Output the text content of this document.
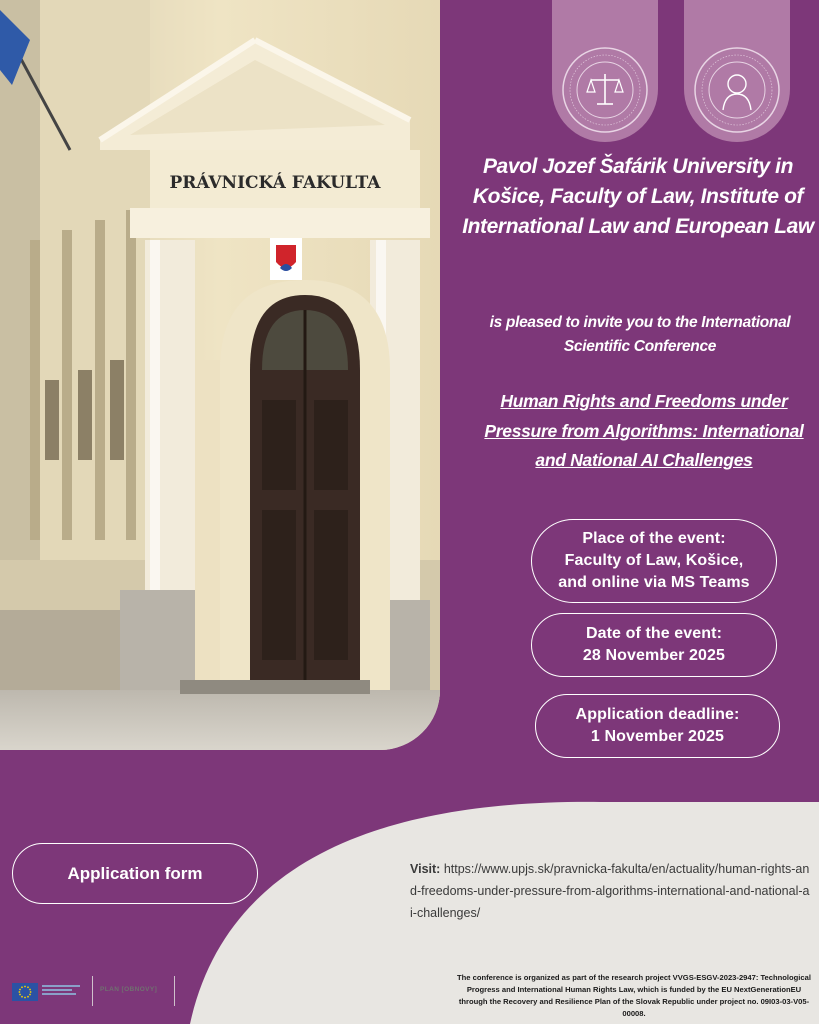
PRÁVNICKÁ FAKULTA
Pavol Jozef Šafárik University in Košice, Faculty of Law, Institute of International Law and European Law
is pleased to invite you to the International Scientific Conference
Human Rights and Freedoms under Pressure from Algorithms: International and National AI Challenges
Place of the event:
Faculty of Law, Košice, and online via MS Teams
Date of the event:
28 November 2025
Application deadline:
1 November 2025
Application form	Visit: https://www.upjs.sk/pravnicka-fakulta/en/actuality/human-rights-and-freedoms-under-pressure-from-algorithms-international-and-national-ai-challenges/
The conference is organized as part of the research project VVGS-ESGV-2023-2947: Technological Progress and International Human Rights Law, which is funded by the EU NextGenerationEU through the Recovery and Resilience Plan of the Slovak Republic under project no. 09I03-03-V05-00008.
PLAN [OBNOVY]
